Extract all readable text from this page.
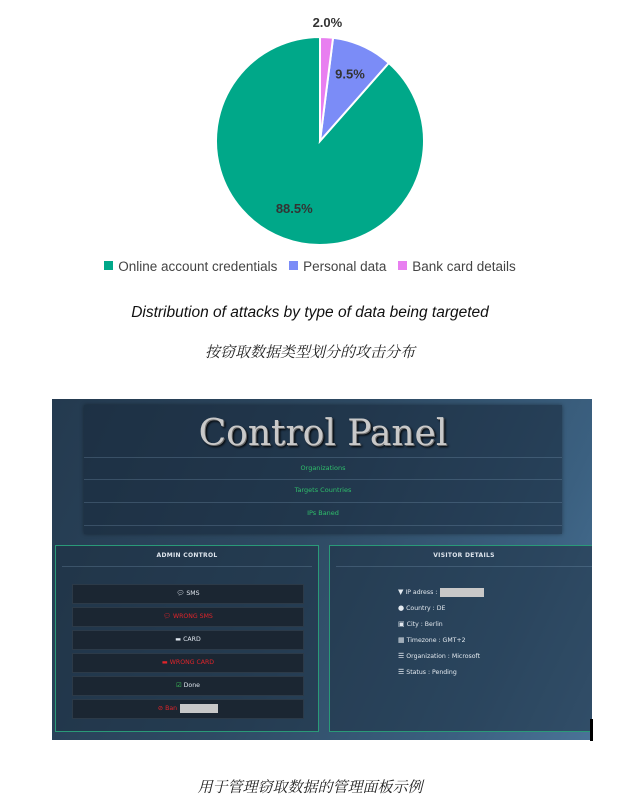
88.5%
9.5%
2.0%
Online account credentials Personal data Bank card details
Distribution of attacks by type of data being targeted
按窃取数据类型划分的攻击分布
Control Panel
Organizations
Targets Countries
IPs Baned
ADMIN CONTROL
💬︎ SMS
💬︎ WRONG SMS
▬ CARD
▬ WRONG CARD
☑ Done
⊘ Ban
VISITOR DETAILS
▼ IP adress :
● Country : DE
▣ City : Berlin
▦ Timezone : GMT+2
☰ Organization : Microsoft
☰ Status : Pending
用于管理窃取数据的管理面板示例
